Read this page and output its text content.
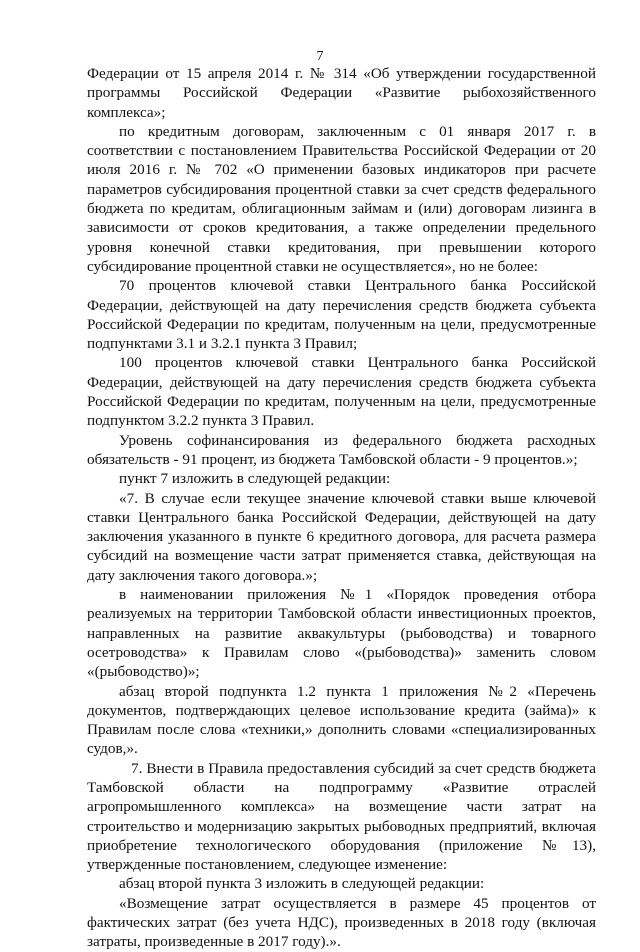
7

Федерации от 15 апреля 2014 г. № 314 «Об утверждении государственной программы Российской Федерации «Развитие рыбохозяйственного комплекса»;

по кредитным договорам, заключенным с 01 января 2017 г. в соответствии с постановлением Правительства Российской Федерации от 20 июля 2016 г. № 702 «О применении базовых индикаторов при расчете параметров субсидирования процентной ставки за счет средств федерального бюджета по кредитам, облигационным займам и (или) договорам лизинга в зависимости от сроков кредитования, а также определении предельного уровня конечной ставки кредитования, при превышении которого субсидирование процентной ставки не осуществляется», но не более:

70 процентов ключевой ставки Центрального банка Российской Федерации, действующей на дату перечисления средств бюджета субъекта Российской Федерации по кредитам, полученным на цели, предусмотренные подпунктами 3.1 и 3.2.1 пункта 3 Правил;

100 процентов ключевой ставки Центрального банка Российской Федерации, действующей на дату перечисления средств бюджета субъекта Российской Федерации по кредитам, полученным на цели, предусмотренные подпунктом 3.2.2 пункта 3 Правил.

Уровень софинансирования из федерального бюджета расходных обязательств - 91 процент, из бюджета Тамбовской области - 9 процентов.»;

пункт 7 изложить в следующей редакции:

«7. В случае если текущее значение ключевой ставки выше ключевой ставки Центрального банка Российской Федерации, действующей на дату заключения указанного в пункте 6 кредитного договора, для расчета размера субсидий на возмещение части затрат применяется ставка, действующая на дату заключения такого договора.»;

в наименовании приложения №1 «Порядок проведения отбора реализуемых на территории Тамбовской области инвестиционных проектов, направленных на развитие аквакультуры (рыбоводства) и товарного осетроводства» к Правилам слово «(рыбоводства)» заменить словом «(рыбоводство)»;

абзац второй подпункта 1.2 пункта 1 приложения №2 «Перечень документов, подтверждающих целевое использование кредита (займа)» к Правилам после слова «техники,» дополнить словами «специализированных судов,».

7. Внести в Правила предоставления субсидий за счет средств бюджета Тамбовской области на подпрограмму «Развитие отраслей агропромышленного комплекса» на возмещение части затрат на строительство и модернизацию закрытых рыбоводных предприятий, включая приобретение технологического оборудования (приложение №13), утвержденные постановлением, следующее изменение:

абзац второй пункта 3 изложить в следующей редакции:

«Возмещение затрат осуществляется в размере 45 процентов от фактических затрат (без учета НДС), произведенных в 2018 году (включая затраты, произведенные в 2017 году).».
